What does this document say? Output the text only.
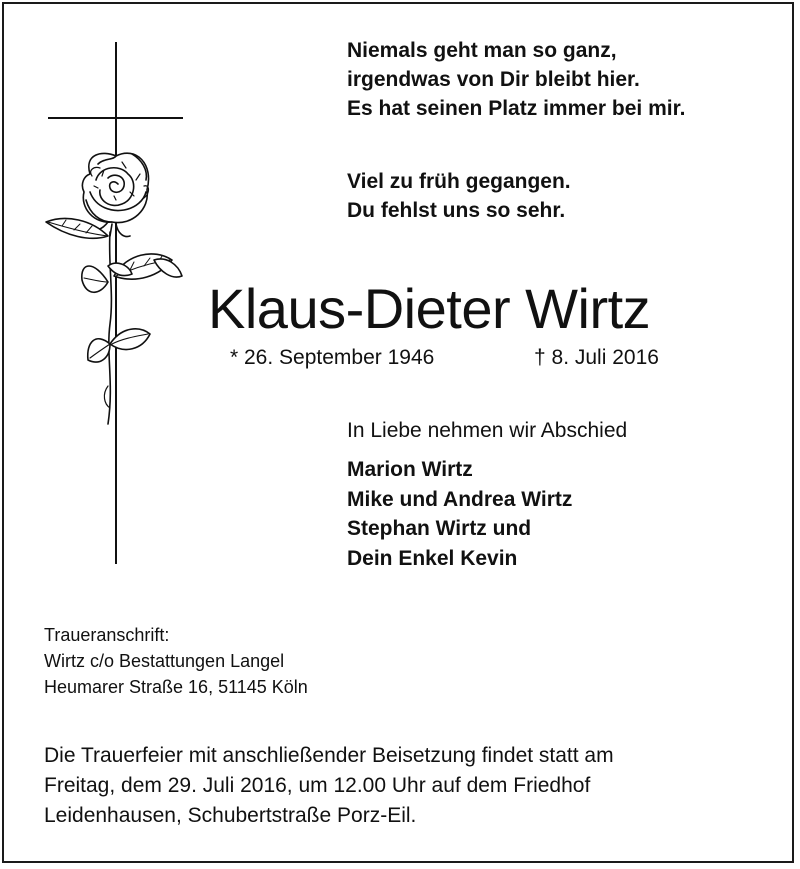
Niemals geht man so ganz,
irgendwas von Dir bleibt hier.
Es hat seinen Platz immer bei mir.
Viel zu früh gegangen.
Du fehlst uns so sehr.
Klaus-Dieter Wirtz
* 26. September 1946	† 8. Juli 2016
In Liebe nehmen wir Abschied
Marion Wirtz
Mike und Andrea Wirtz
Stephan Wirtz und
Dein Enkel Kevin
Traueranschrift:
Wirtz c/o Bestattungen Langel
Heumarer Straße 16, 51145 Köln
Die Trauerfeier mit anschließender Beisetzung findet statt am
Freitag, dem 29. Juli 2016, um 12.00 Uhr auf dem Friedhof
Leidenhausen, Schubertstraße Porz-Eil.
